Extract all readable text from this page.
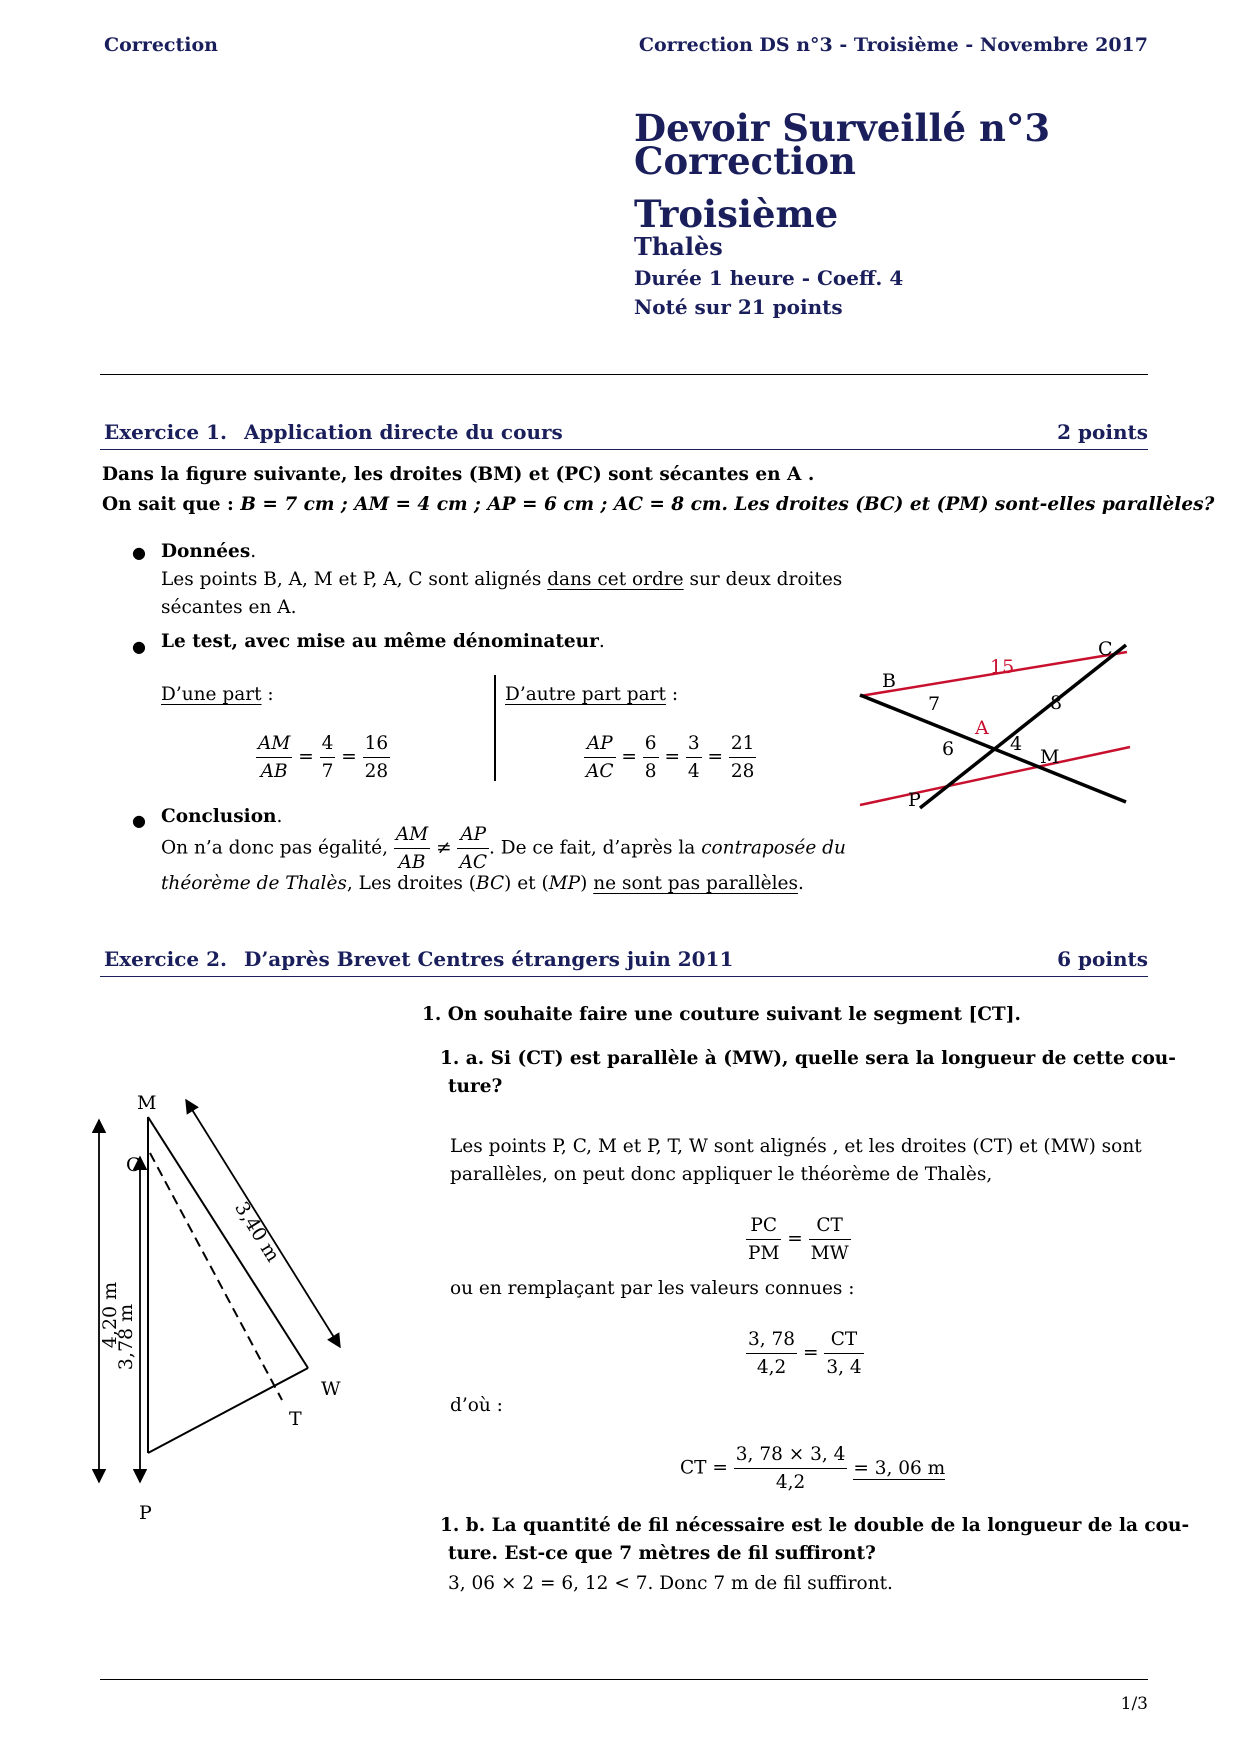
Correction	Correction DS n°3 - Troisième - Novembre 2017
Devoir Surveillé n°3
Correction
Troisième
Thalès
Durée 1 heure - Coeff. 4
Noté sur 21 points
Exercice 1. Application directe du cours	2 points
Dans la figure suivante, les droites (BM) et (PC) sont sécantes en A .
On sait que : B = 7 cm ; AM = 4 cm ; AP = 6 cm ; AC = 8 cm. Les droites (BC) et (PM) sont-elles parallèles?
● Données.
Les points B, A, M et P, A, C sont alignés dans cet ordre sur deux droites
sécantes en A.
● Le test, avec mise au même dénominateur.
D’une part :
$\frac{AM}{AB} = \frac{4}{7} = \frac{16}{28}$
D’autre part part :
$\frac{AP}{AC} = \frac{6}{8} = \frac{3}{4} = \frac{21}{28}$
● Conclusion.
On n’a donc pas égalité, $\frac{AM}{AB} \ne \frac{AP}{AC}$ . De ce fait, d’après la contraposée du
théorème de Thalès, Les droites (BC) et (MP) ne sont pas parallèles.
B
C
A
M
P
15
7	8
6	4
Exercice 2. D’après Brevet Centres étrangers juin 2011	6 points
M
C
W
T
P
3,40 m
4,20 m
3,78 m
1. On souhaite faire une couture suivant le segment [CT].
1. a. Si (CT) est parallèle à (MW), quelle sera la longueur de cette cou-
ture?
Les points P, C, M et P, T, W sont alignés , et les droites (CT) et (MW) sont
parallèles, on peut donc appliquer le théorème de Thalès,
$\frac{PC}{PM} = \frac{CT}{MW}$
ou en remplaçant par les valeurs connues :
$\frac{3, 78}{4,2} = \frac{CT}{3, 4}$
d’où :
CT = $\frac{3, 78 \times 3, 4}{4,2} = 3$, 06 m
1. b. La quantité de fil nécessaire est le double de la longueur de la cou-
ture. Est-ce que 7 mètres de fil suffiront?
3, 06 × 2 = 6, 12 < 7. Donc 7 m de fil suffiront.
1/3
